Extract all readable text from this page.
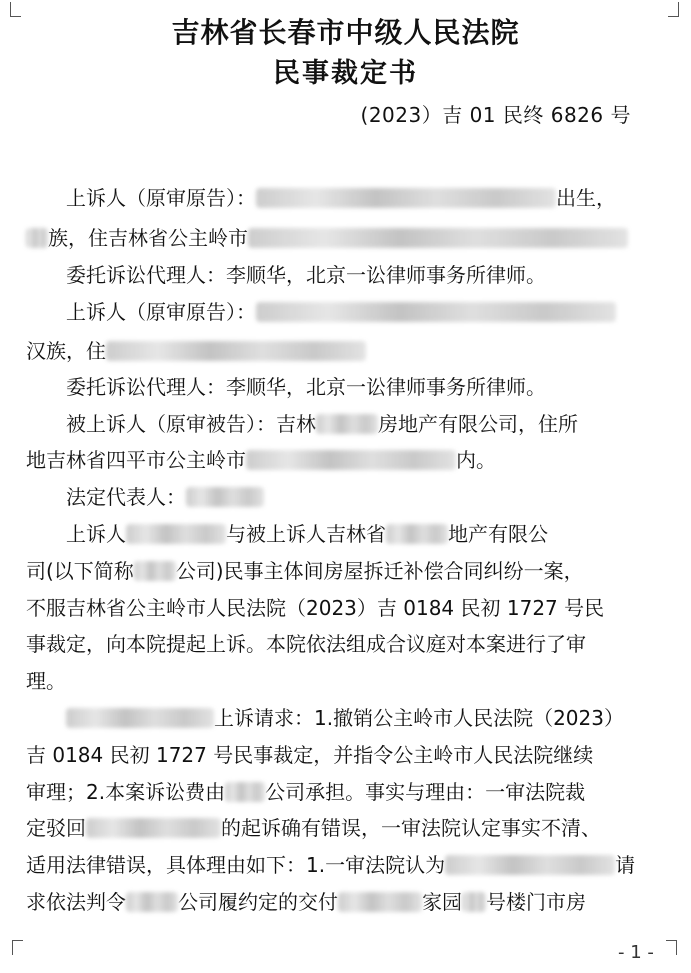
吉林省长春市中级人民法院
民事裁定书
(2023）吉 01 民终 6826 号
上诉人（原审原告）：	出生，
族，住吉林省公主岭市
委托诉讼代理人：李顺华，北京一讼律师事务所律师。
上诉人（原审原告）：
汉族，住
委托诉讼代理人：李顺华，北京一讼律师事务所律师。
被上诉人（原审被告）：吉林	房地产有限公司，住所
地吉林省四平市公主岭市	内。
法定代表人：
上诉人	与被上诉人吉林省	地产有限公
司(以下简称 公司)民事主体间房屋拆迁补偿合同纠纷一案，
不服吉林省公主岭市人民法院（2023）吉 0184 民初 1727 号民
事裁定，向本院提起上诉。本院依法组成合议庭对本案进行了审
理。
上诉请求：1.撤销公主岭市人民法院（2023）
吉 0184 民初 1727 号民事裁定，并指令公主岭市人民法院继续
审理；2.本案诉讼费由 公司承担。事实与理由：一审法院裁
定驳回	的起诉确有错误，一审法院认定事实不清、
适用法律错误，具体理由如下：1.一审法院认为	请
求依法判令	公司履约定的交付	家园 号楼门市房
- 1 -
